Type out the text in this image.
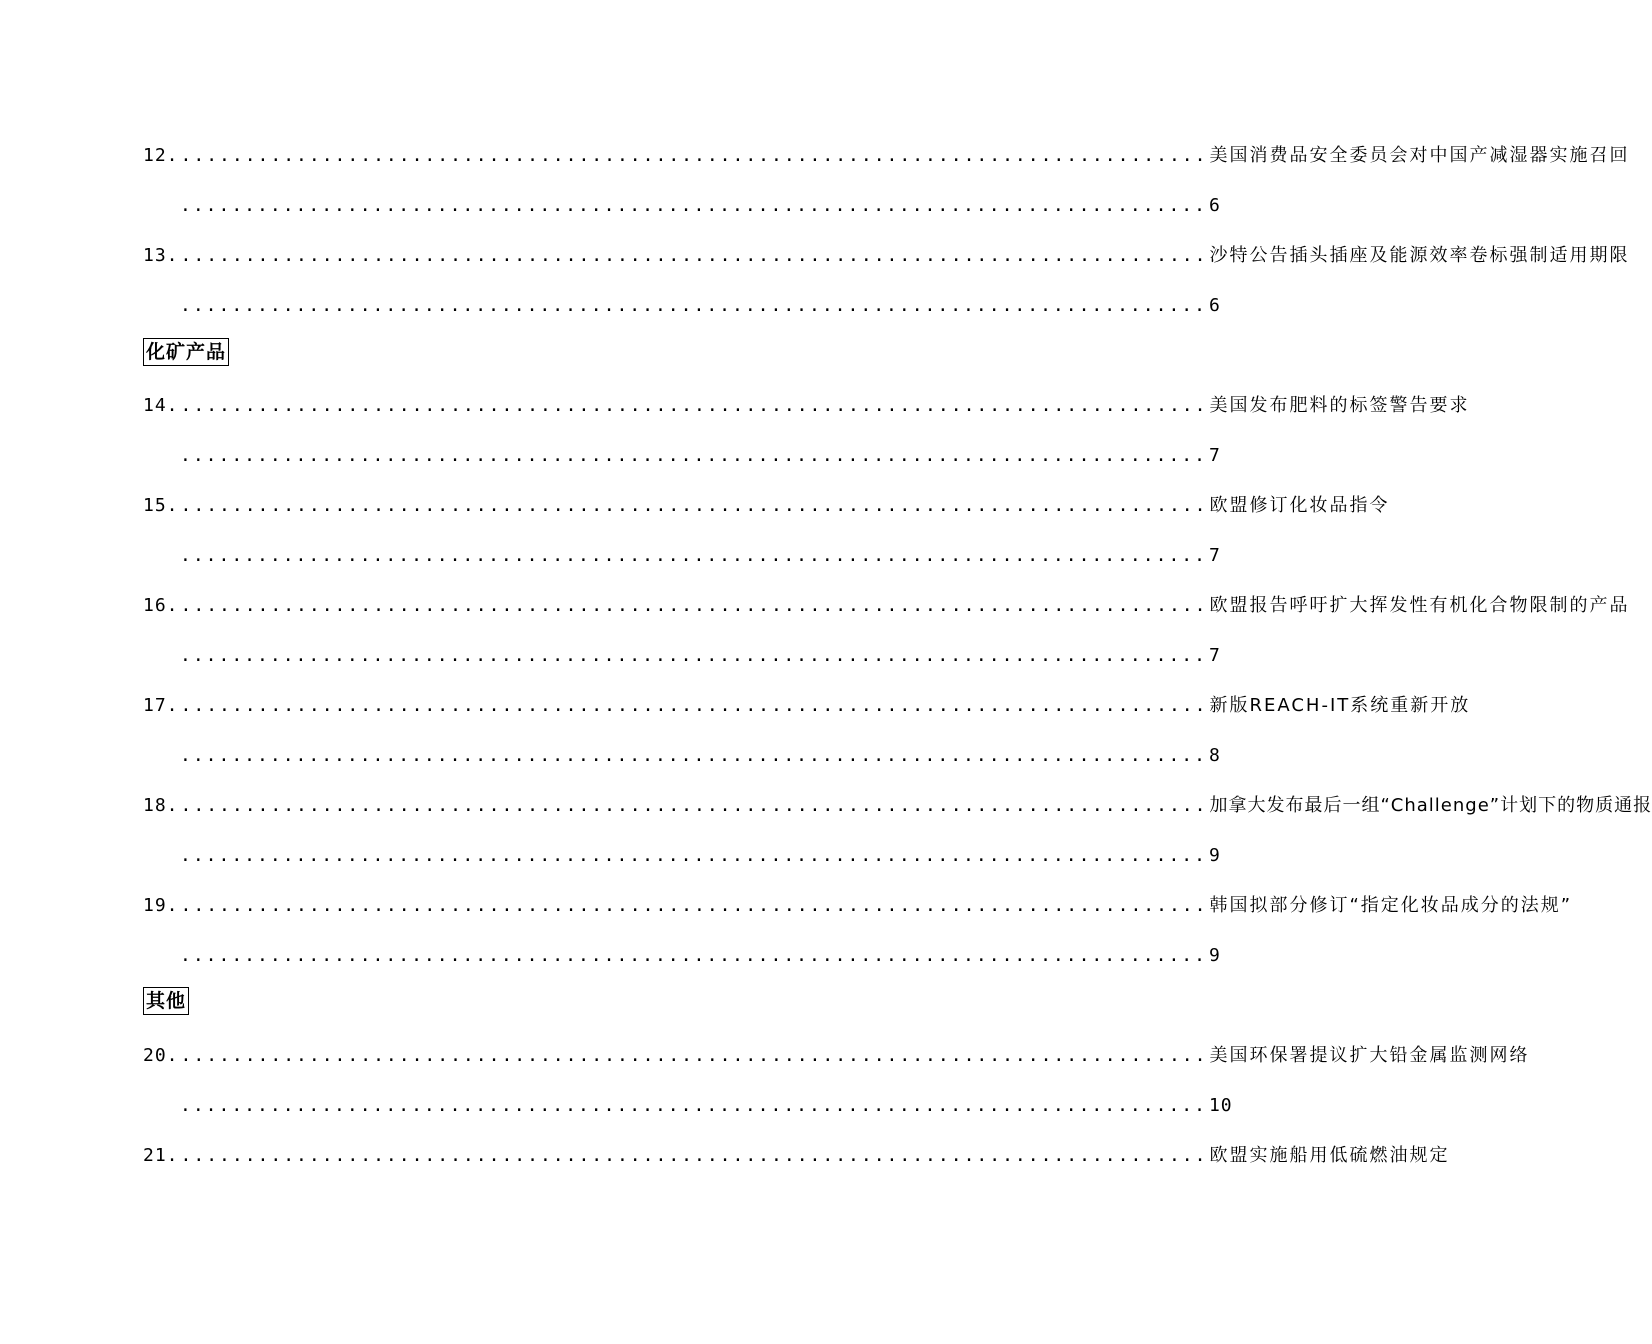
12. ................................................................................ 美国消费品安全委员会对中国产减湿器实施召回
................................................................................ 6
13. ................................................................................ 沙特公告插头插座及能源效率卷标强制适用期限
................................................................................ 6
化矿产品
14. ................................................................................ 美国发布肥料的标签警告要求
................................................................................ 7
15. ................................................................................ 欧盟修订化妆品指令
................................................................................ 7
16. ................................................................................ 欧盟报告呼吁扩大挥发性有机化合物限制的产品
................................................................................ 7
17. ................................................................................ 新版REACH-IT系统重新开放
................................................................................ 8
18. ................................................................................ 加拿大发布最后一组“Challenge”计划下的物质通报
................................................................................ 9
19. ................................................................................ 韩国拟部分修订“指定化妆品成分的法规”
................................................................................ 9
其他
20. ................................................................................ 美国环保署提议扩大铅金属监测网络
................................................................................ 10
21. ................................................................................ 欧盟实施船用低硫燃油规定
